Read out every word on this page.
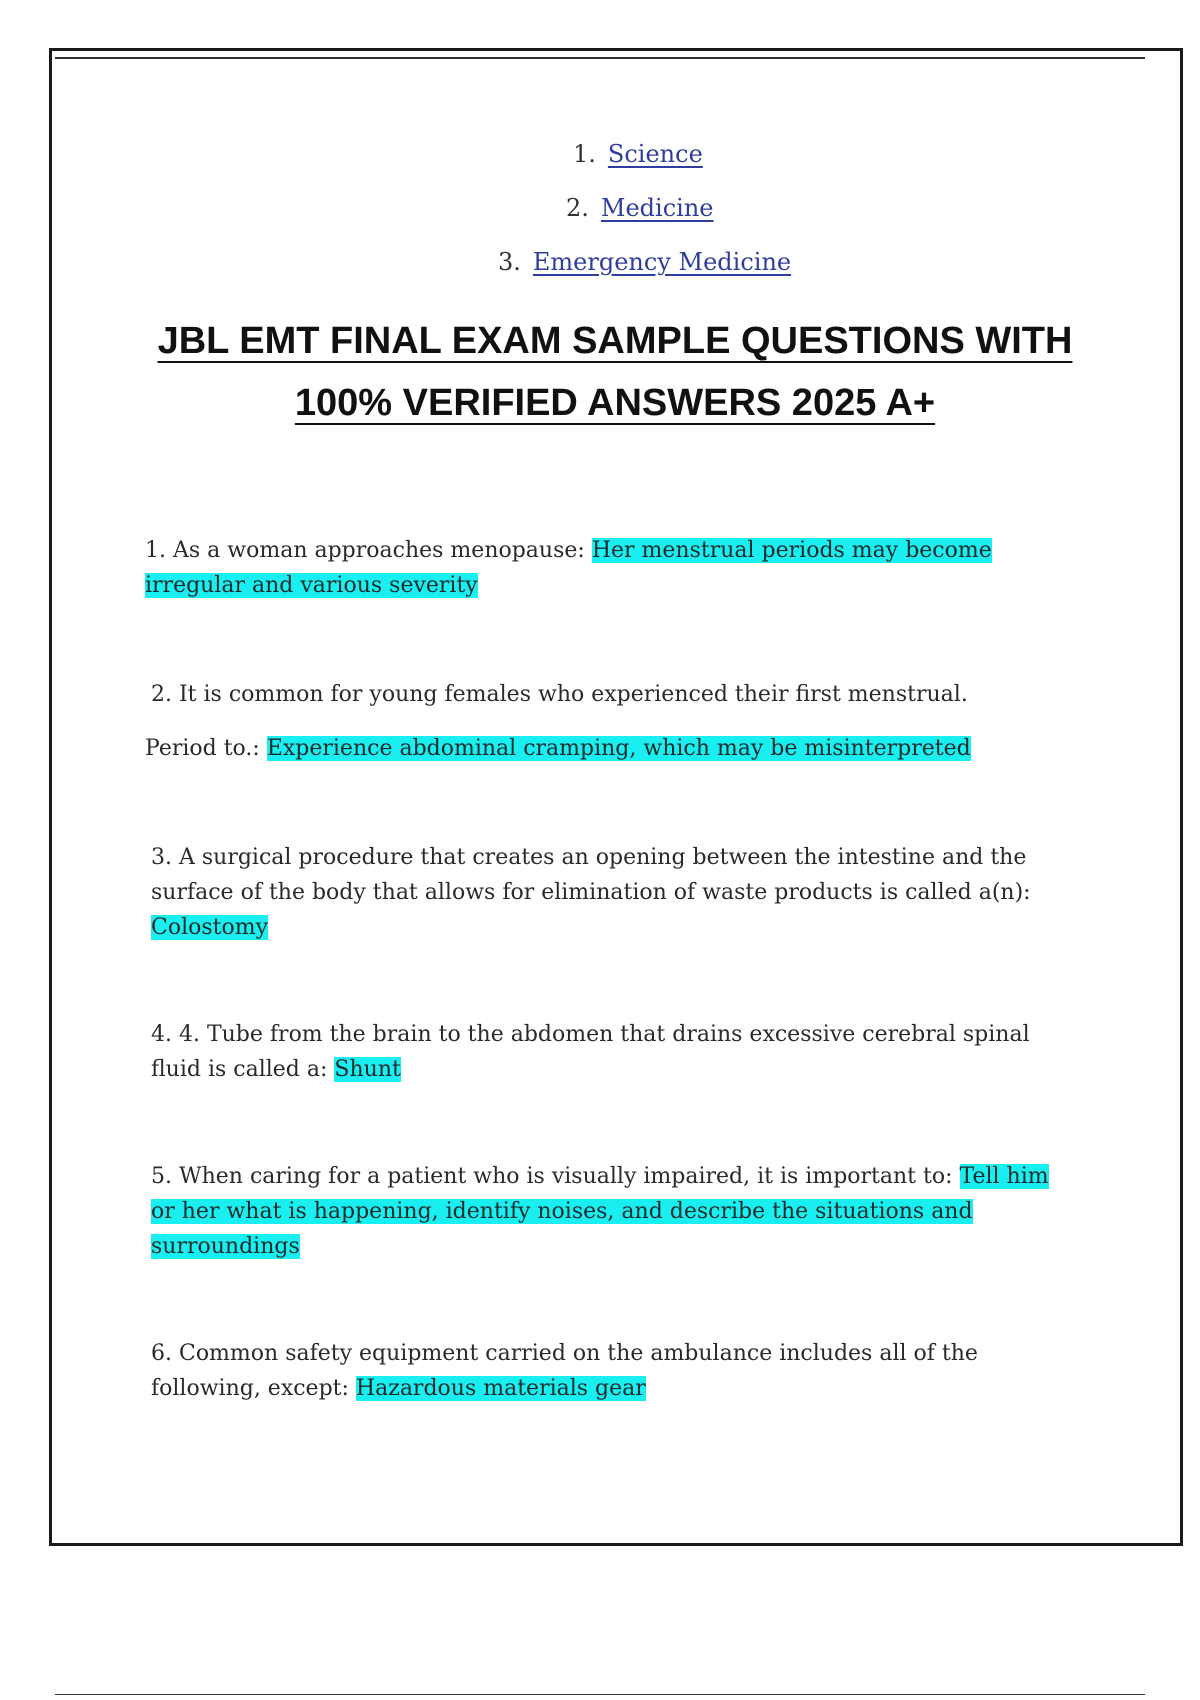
1. Science
2. Medicine
3. Emergency Medicine
JBL EMT FINAL EXAM SAMPLE QUESTIONS WITH
100% VERIFIED ANSWERS 2025 A+
1. As a woman approaches menopause: Her menstrual periods may become
irregular and various severity
2. It is common for young females who experienced their first menstrual.
Period to.: Experience abdominal cramping, which may be misinterpreted
3. A surgical procedure that creates an opening between the intestine and the
surface of the body that allows for elimination of waste products is called a(n):
Colostomy
4. 4. Tube from the brain to the abdomen that drains excessive cerebral spinal
fluid is called a: Shunt
5. When caring for a patient who is visually impaired, it is important to: Tell him
or her what is happening, identify noises, and describe the situations and
surroundings
6. Common safety equipment carried on the ambulance includes all of the
following, except: Hazardous materials gear
